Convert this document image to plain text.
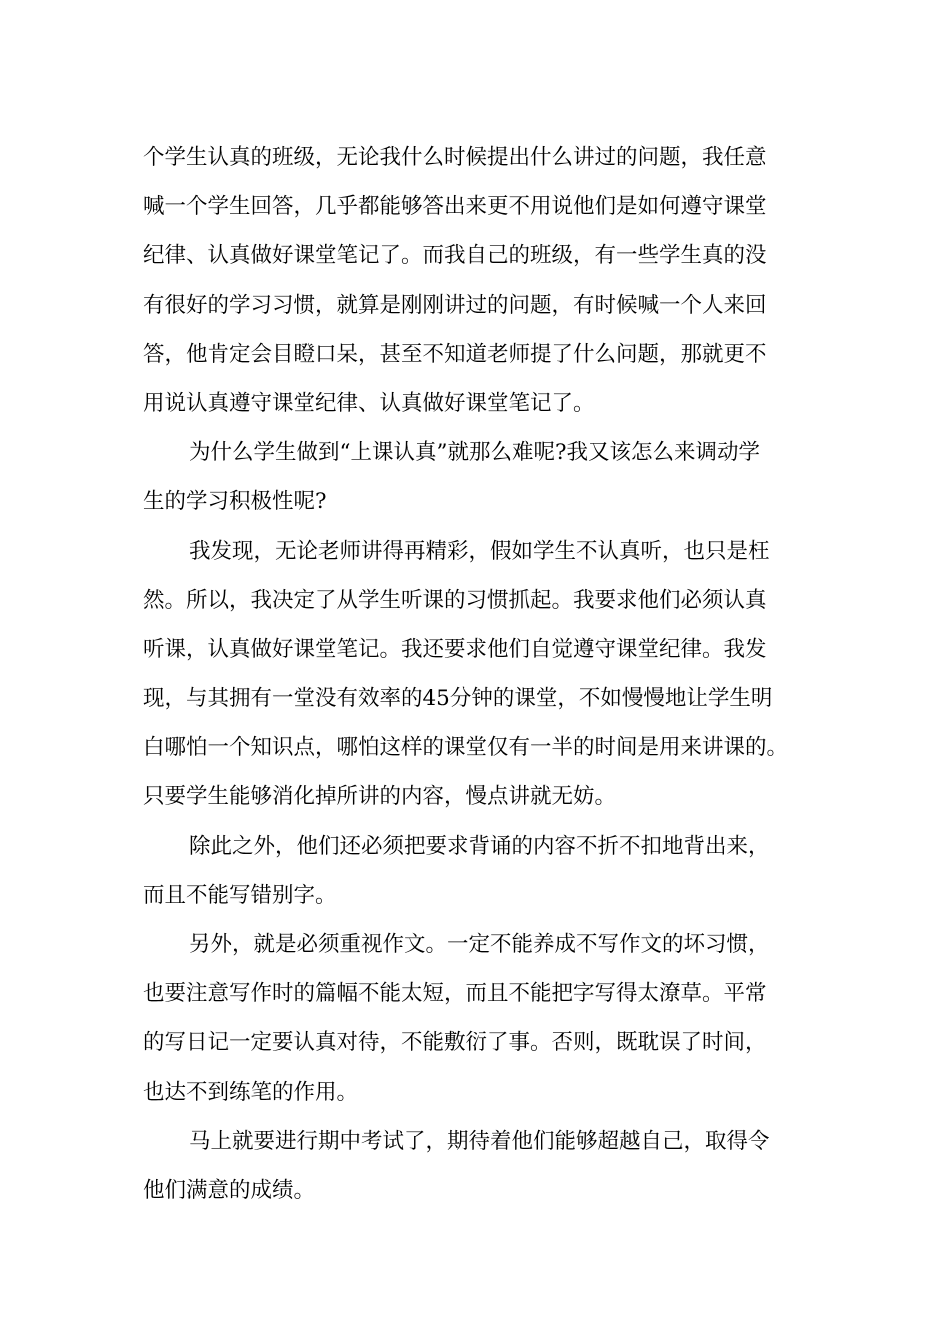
个学生认真的班级，无论我什么时候提出什么讲过的问题，我任意
喊一个学生回答，几乎都能够答出来更不用说他们是如何遵守课堂
纪律、认真做好课堂笔记了。而我自己的班级，有一些学生真的没
有很好的学习习惯，就算是刚刚讲过的问题，有时候喊一个人来回
答，他肯定会目瞪口呆，甚至不知道老师提了什么问题，那就更不
用说认真遵守课堂纪律、认真做好课堂笔记了。
为什么学生做到“上课认真”就那么难呢?我又该怎么来调动学
生的学习积极性呢?
我发现，无论老师讲得再精彩，假如学生不认真听，也只是枉
然。所以，我决定了从学生听课的习惯抓起。我要求他们必须认真
听课，认真做好课堂笔记。我还要求他们自觉遵守课堂纪律。我发
现，与其拥有一堂没有效率的45分钟的课堂，不如慢慢地让学生明
白哪怕一个知识点，哪怕这样的课堂仅有一半的时间是用来讲课的。
只要学生能够消化掉所讲的内容，慢点讲就无妨。
除此之外，他们还必须把要求背诵的内容不折不扣地背出来，
而且不能写错别字。
另外，就是必须重视作文。一定不能养成不写作文的坏习惯，
也要注意写作时的篇幅不能太短，而且不能把字写得太潦草。平常
的写日记一定要认真对待，不能敷衍了事。否则，既耽误了时间，
也达不到练笔的作用。
马上就要进行期中考试了，期待着他们能够超越自己，取得令
他们满意的成绩。
